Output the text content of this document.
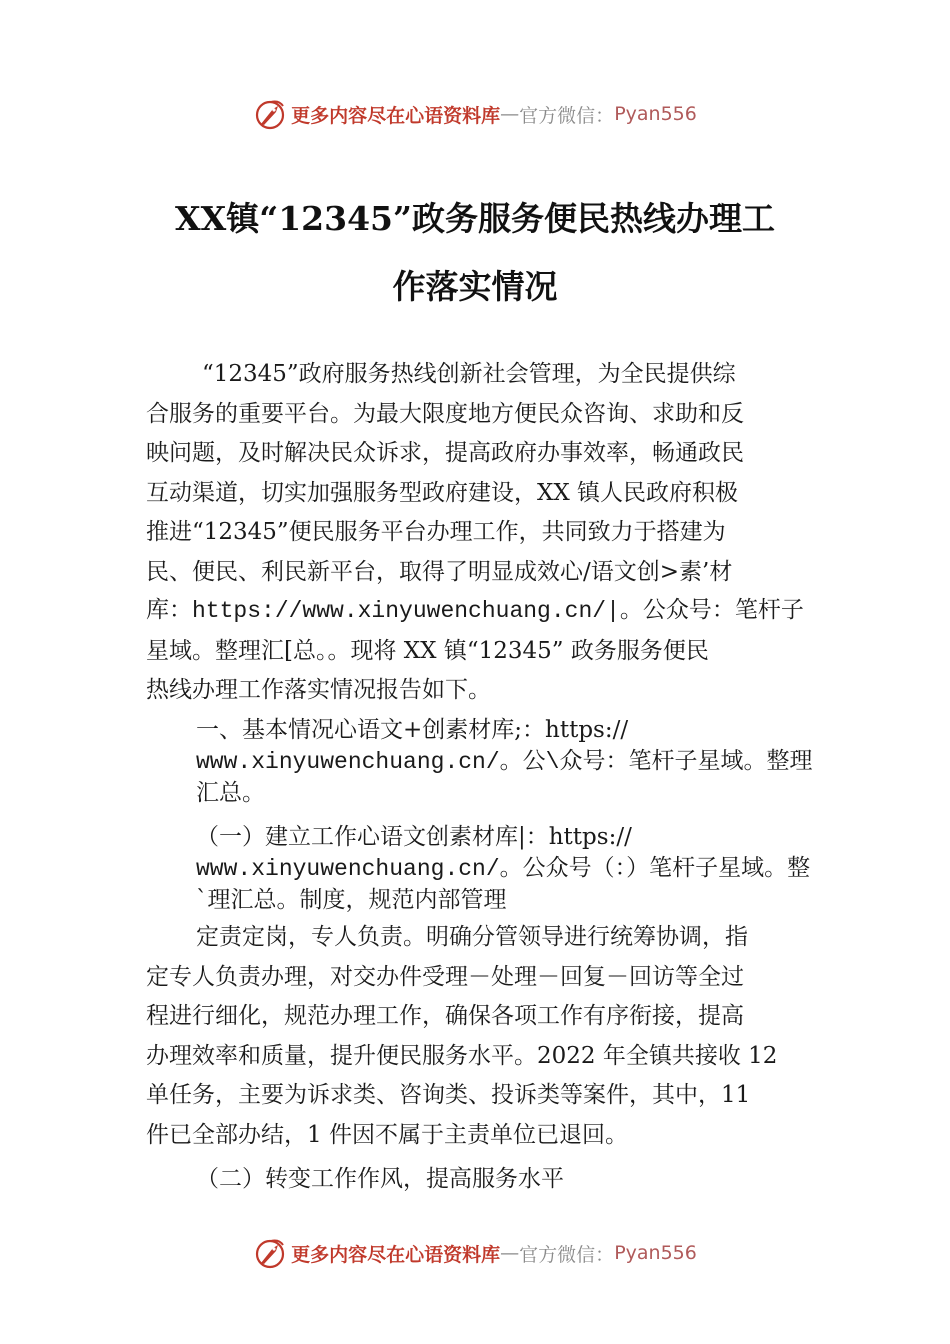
更多内容尽在心语资料库 — 官方微信： Pyan556
XX镇“12345”政务服务便民热线办理工
作落实情况
“12345”政府服务热线创新社会管理，为全民提供综
合服务的重要平台。为最大限度地方便民众咨询、求助和反
映问题，及时解决民众诉求，提高政府办事效率，畅通政民
互动渠道，切实加强服务型政府建设，XX 镇人民政府积极
推进“12345”便民服务平台办理工作，共同致力于搭建为
民、便民、利民新平台，取得了明显成效心/语文创>素’材
库：https://www.xinyuwenchuang.cn/|。公众号：笔杆子
星域。整理汇[总。。现将 XX 镇“12345” 政务服务便民
热线办理工作落实情况报告如下。
一、基本情况心语文+创素材库;：https://
www.xinyuwenchuang.cn/。公\众号：笔杆子星域。整理
汇总。
（一）建立工作心语文创素材库|：https://
www.xinyuwenchuang.cn/。公众号（：）笔杆子星域。整
`理汇总。制度，规范内部管理
定责定岗，专人负责。明确分管领导进行统筹协调，指
定专人负责办理，对交办件受理－处理－回复－回访等全过
程进行细化，规范办理工作，确保各项工作有序衔接，提高
办理效率和质量，提升便民服务水平。2022 年全镇共接收 12
单任务，主要为诉求类、咨询类、投诉类等案件，其中，11
件已全部办结，1 件因不属于主责单位已退回。
（二）转变工作作风，提高服务水平
更多内容尽在心语资料库 — 官方微信： Pyan556
